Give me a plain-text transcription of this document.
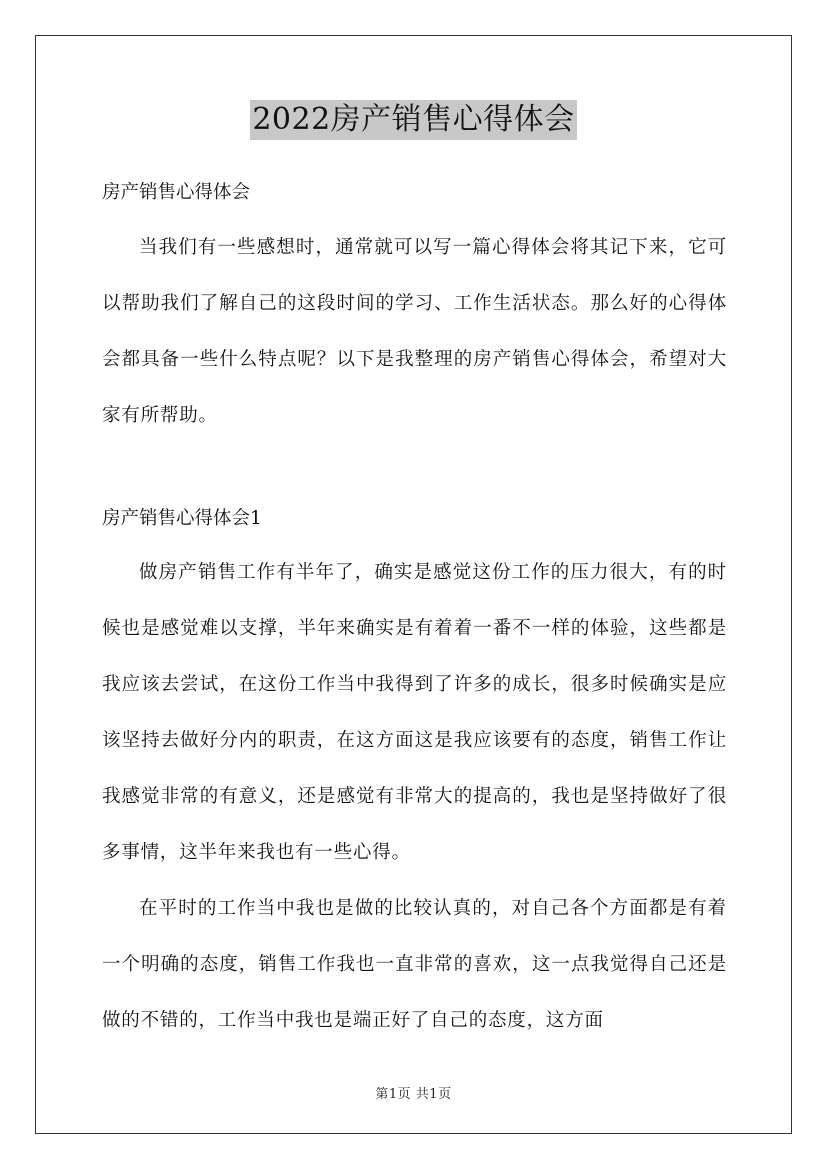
2022房产销售心得体会
房产销售心得体会

当我们有一些感想时，通常就可以写一篇心得体会将其记下来，它可以帮助我们了解自己的这段时间的学习、工作生活状态。那么好的心得体会都具备一些什么特点呢？以下是我整理的房产销售心得体会，希望对大家有所帮助。

房产销售心得体会1

做房产销售工作有半年了，确实是感觉这份工作的压力很大，有的时候也是感觉难以支撑，半年来确实是有着着一番不一样的体验，这些都是我应该去尝试，在这份工作当中我得到了许多的成长，很多时候确实是应该坚持去做好分内的职责，在这方面这是我应该要有的态度，销售工作让我感觉非常的有意义，还是感觉有非常大的提高的，我也是坚持做好了很多事情，这半年来我也有一些心得。

在平时的工作当中我也是做的比较认真的，对自己各个方面都是有着一个明确的态度，销售工作我也一直非常的喜欢，这一点我觉得自己还是做的不错的，工作当中我也是端正好了自己的态度，这方面

第1页 共1页
